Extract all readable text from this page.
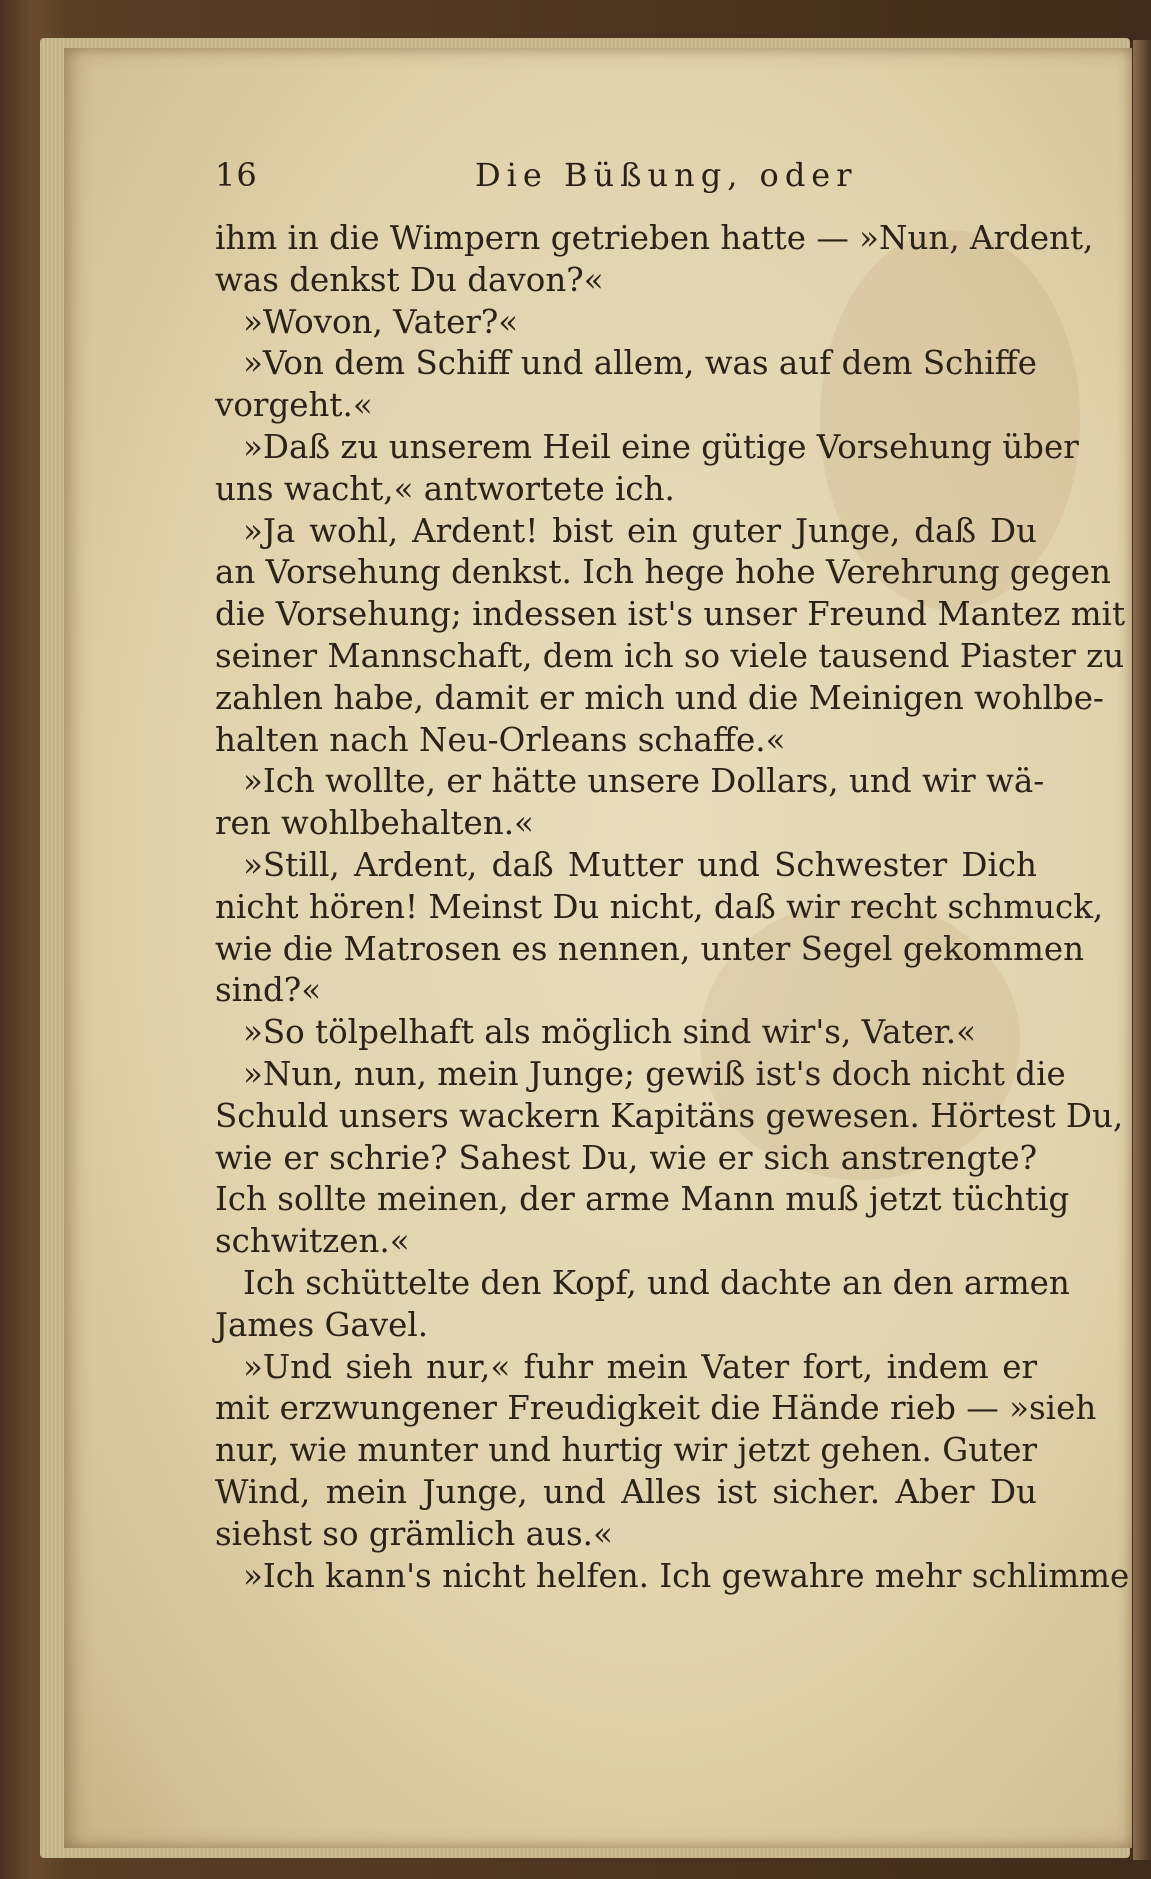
16	Die Büßung, oder
ihm in die Wimpern getrieben hatte — »Nun, Ardent,
was denkst Du davon?«
»Wovon, Vater?«
»Von dem Schiff und allem, was auf dem Schiffe
vorgeht.«
»Daß zu unserem Heil eine gütige Vorsehung über
uns wacht,« antwortete ich.
»Ja wohl, Ardent! bist ein guter Junge, daß Du
an Vorsehung denkst. Ich hege hohe Verehrung gegen
die Vorsehung; indessen ist's unser Freund Mantez mit
seiner Mannschaft, dem ich so viele tausend Piaster zu
zahlen habe, damit er mich und die Meinigen wohlbe-
halten nach Neu-Orleans schaffe.«
»Ich wollte, er hätte unsere Dollars, und wir wä-
ren wohlbehalten.«
»Still, Ardent, daß Mutter und Schwester Dich
nicht hören! Meinst Du nicht, daß wir recht schmuck,
wie die Matrosen es nennen, unter Segel gekommen
sind?«
»So tölpelhaft als möglich sind wir's, Vater.«
»Nun, nun, mein Junge; gewiß ist's doch nicht die
Schuld unsers wackern Kapitäns gewesen. Hörtest Du,
wie er schrie? Sahest Du, wie er sich anstrengte?
Ich sollte meinen, der arme Mann muß jetzt tüchtig
schwitzen.«
Ich schüttelte den Kopf, und dachte an den armen
James Gavel.
»Und sieh nur,« fuhr mein Vater fort, indem er
mit erzwungener Freudigkeit die Hände rieb — »sieh
nur, wie munter und hurtig wir jetzt gehen. Guter
Wind, mein Junge, und Alles ist sicher. Aber Du
siehst so grämlich aus.«
»Ich kann's nicht helfen. Ich gewahre mehr schlimme
